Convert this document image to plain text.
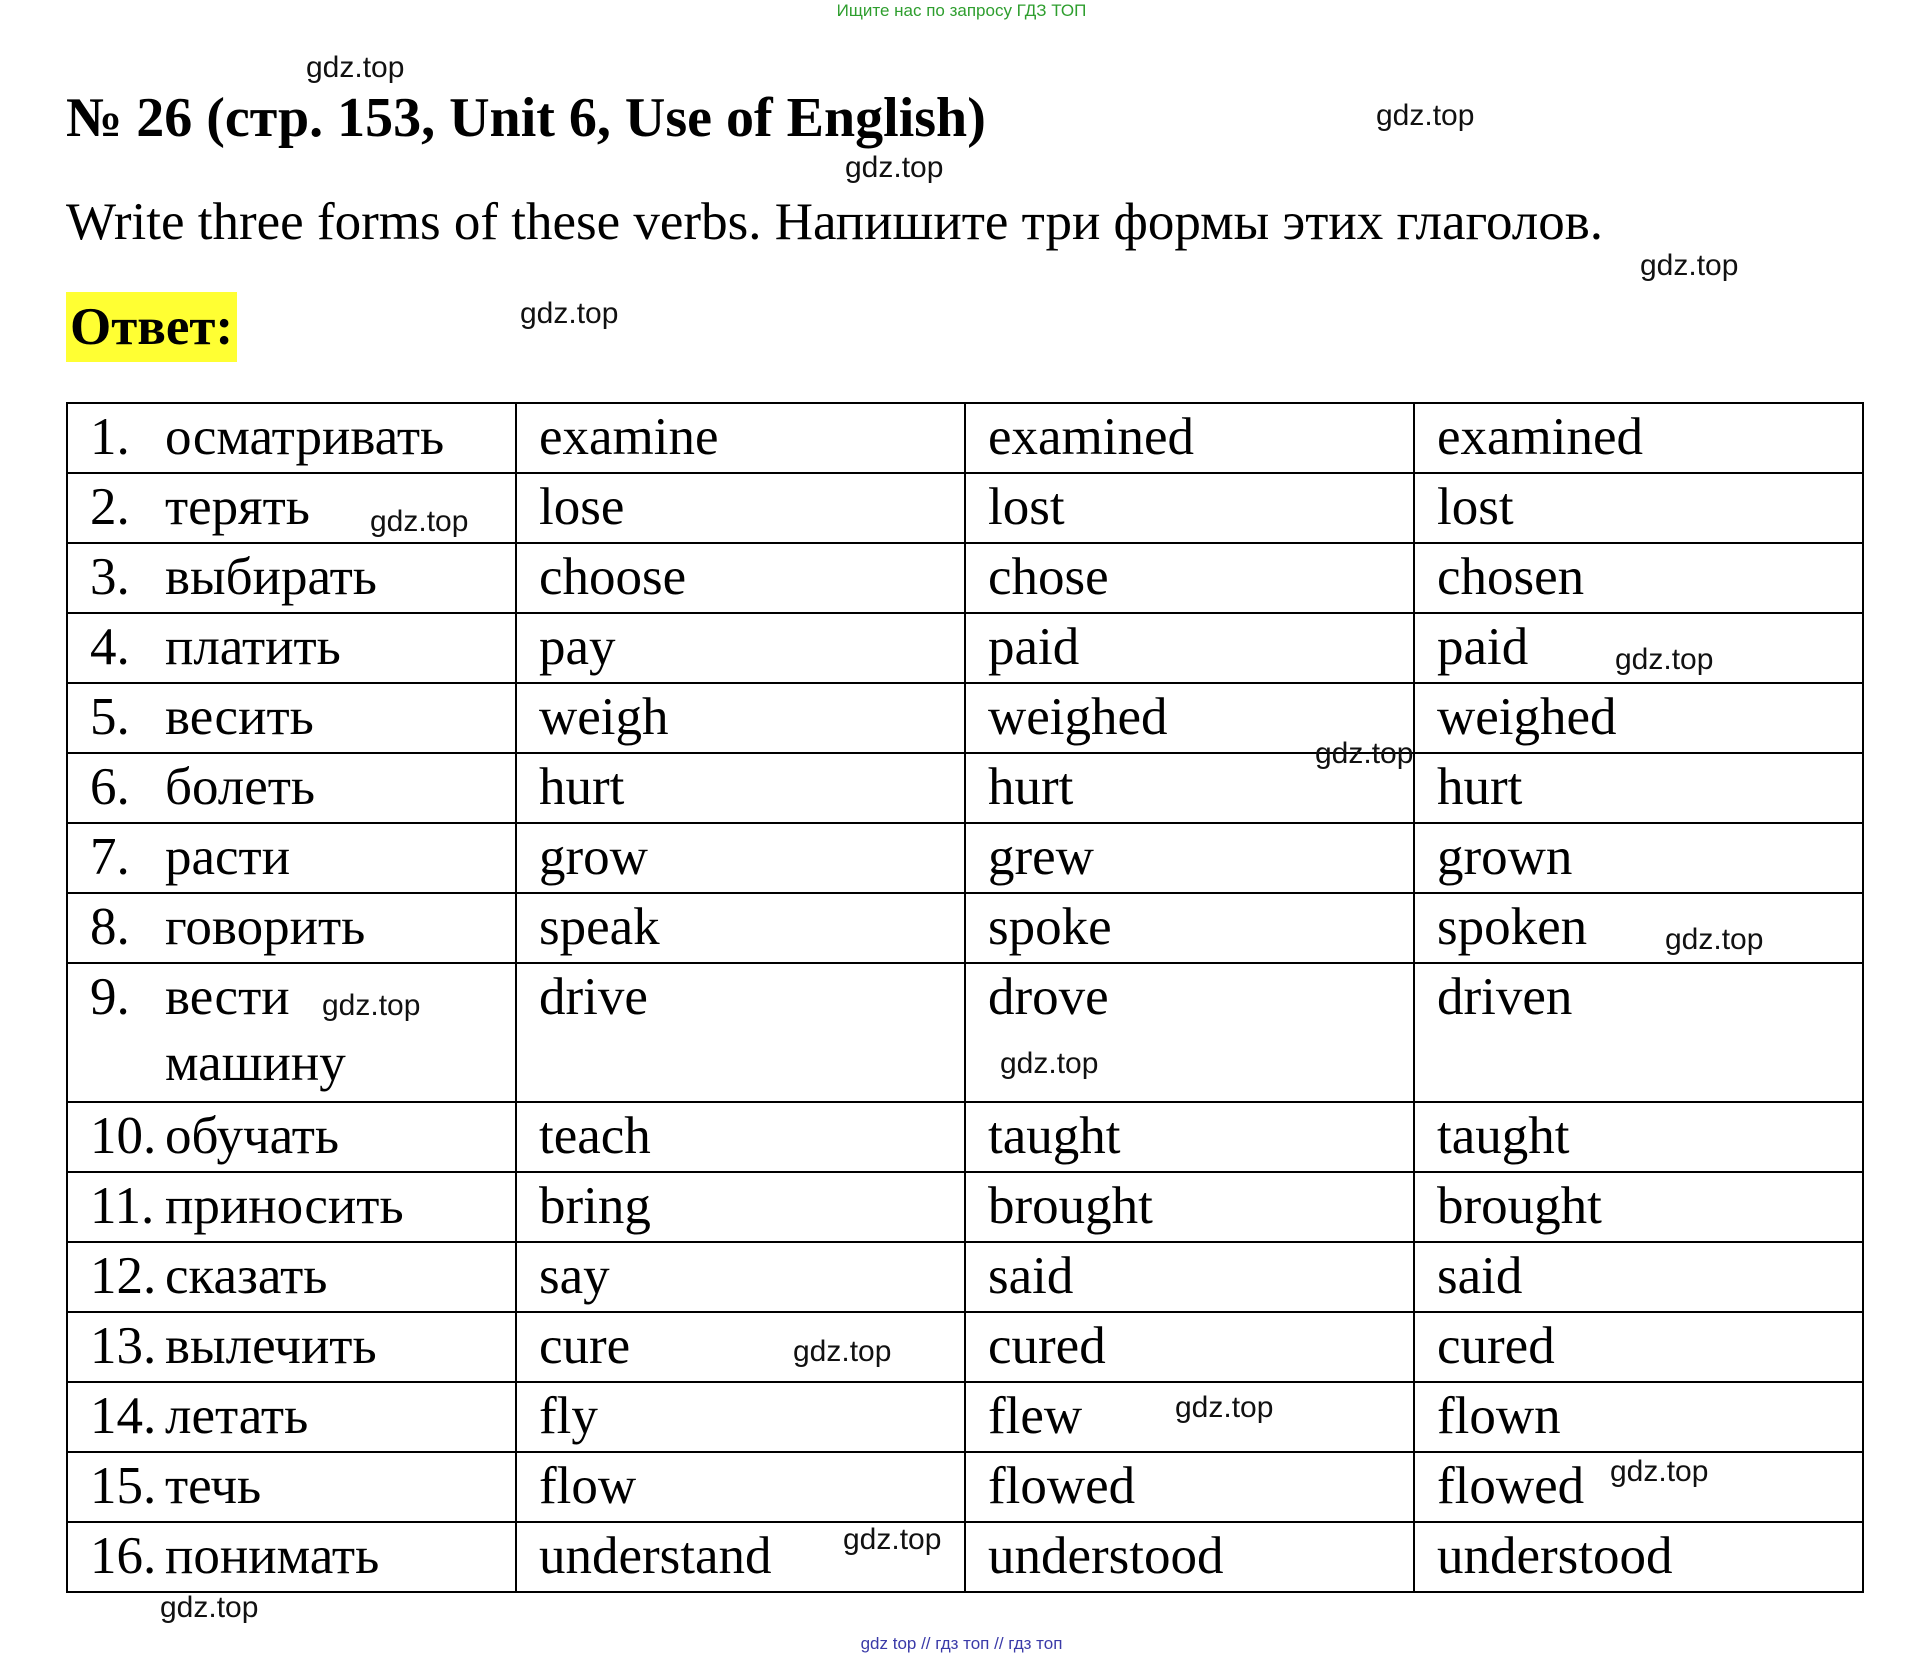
Ищите нас по запросу ГДЗ ТОП
№ 26 (стр. 153, Unit 6, Use of English)
Write three forms of these verbs. Напишите три формы этих глаголов.
Ответ:
1. осматривать	examine	examined	examined
2. терять	lose	lost	lost
3. выбирать	choose	chose	chosen
4. платить	pay	paid	paid
5. весить	weigh	weighed	weighed
6. болеть	hurt	hurt	hurt
7. расти	grow	grew	grown
8. говорить	speak	spoke	spoken
9. вести
машину	drive	drove	driven
10. обучать	teach	taught	taught
11. приносить	bring	brought	brought
12. сказать	say	said	said
13. вылечить	cure	cured	cured
14. летать	fly	flew	flown
15. течь	flow	flowed	flowed
16. понимать	understand	understood	understood
gdz.top
gdz.top
gdz.top
gdz.top
gdz.top
gdz.top
gdz.top
gdz.top
gdz.top
gdz.top
gdz.top
gdz.top
gdz.top
gdz.top
gdz.top
gdz.top
gdz top // гдз топ // гдз топ
